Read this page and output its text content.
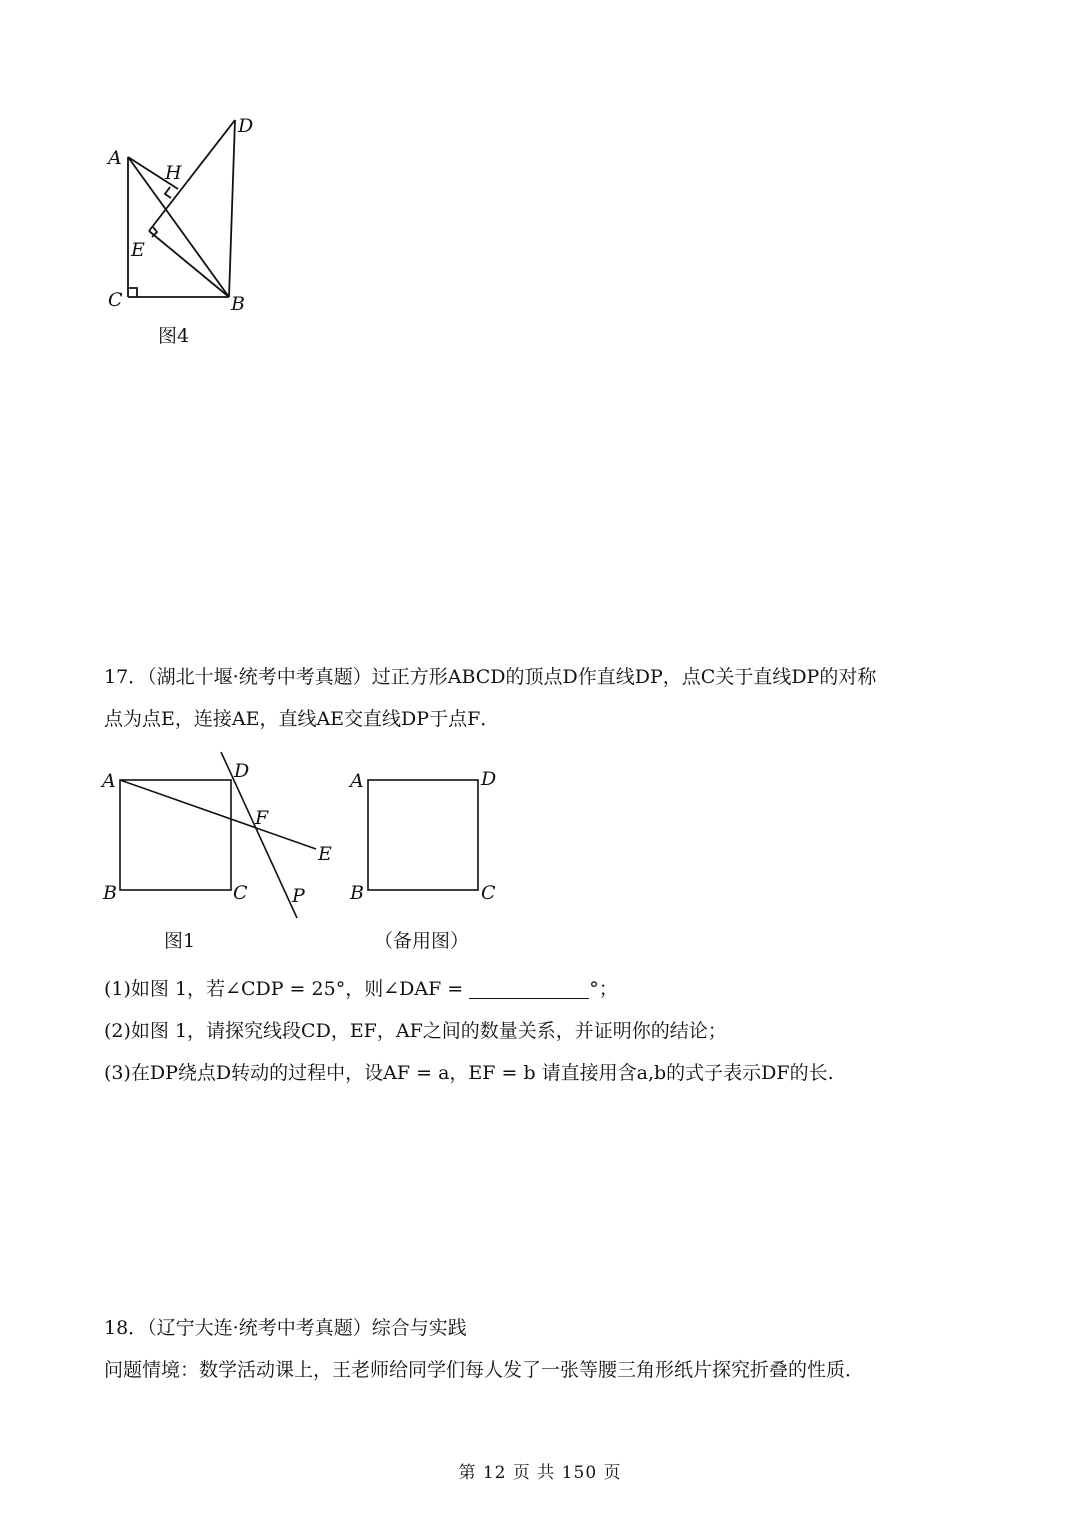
A
D
H
E
C	B
图4
17．（湖北十堰·统考中考真题）过正方形ABCD的顶点D作直线DP，点C关于直线DP的对称
点为点E，连接AE，直线AE交直线DP于点F．
A	D
F
E
B	C P
图1
A	D
B	C
（备用图）
(1)如图 1，若∠CDP = 25°，则∠DAF =	°；
(2)如图 1，请探究线段CD，EF，AF之间的数量关系，并证明你的结论；
(3)在DP绕点D转动的过程中，设AF = a，EF = b 请直接用含a,b的式子表示DF的长.
18．（辽宁大连·统考中考真题）综合与实践
问题情境：数学活动课上，王老师给同学们每人发了一张等腰三角形纸片探究折叠的性质．
第 12 页 共 150 页
